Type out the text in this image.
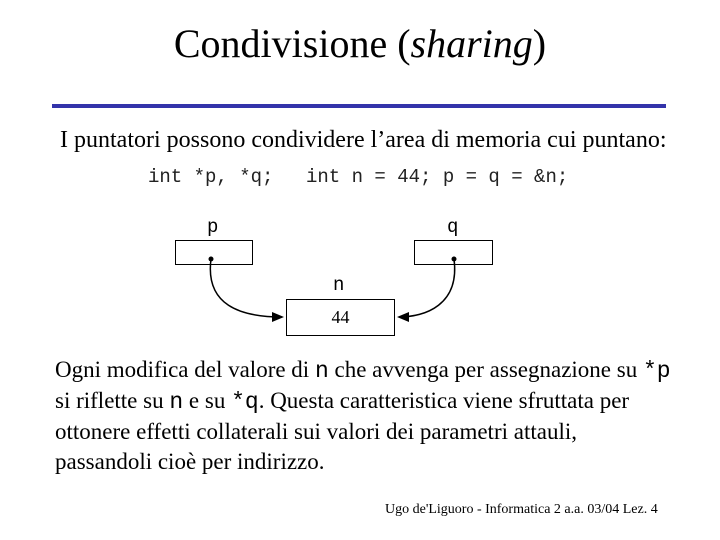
Condivisione (sharing)
I puntatori possono condividere l’area di memoria cui puntano:
int *p, *q; int n = 44; p = q = &n;
p	q
n
44
Ogni modifica del valore di n che avvenga per assegnazione su *p si riflette su n e su *q. Questa caratteristica viene sfruttata per ottonere effetti collaterali sui valori dei parametri attauli, passandoli cioè per indirizzo.
Ugo de'Liguoro - Informatica 2 a.a. 03/04 Lez. 4
